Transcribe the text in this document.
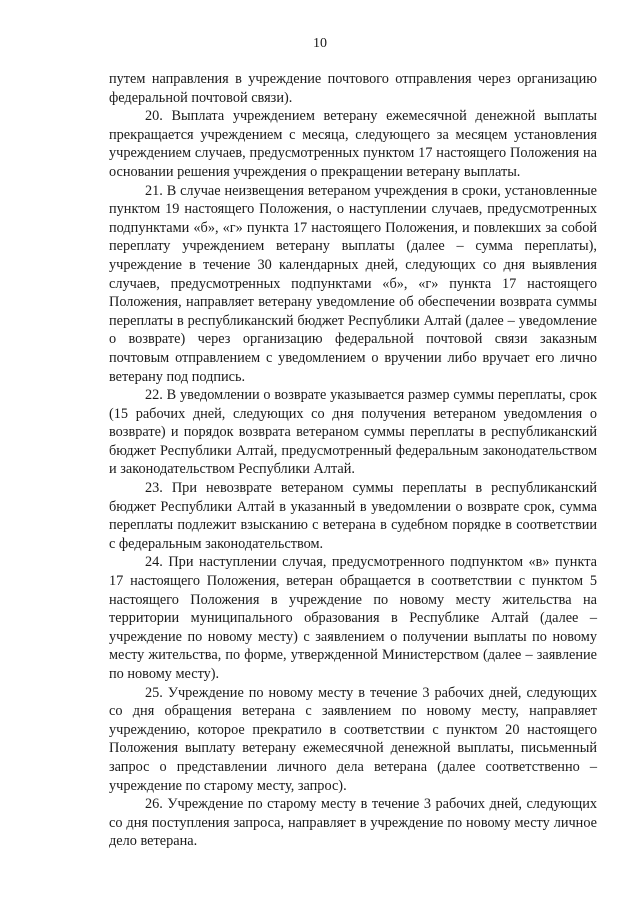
10

путем направления в учреждение почтового отправления через организацию федеральной почтовой связи).

20. Выплата учреждением ветерану ежемесячной денежной выплаты прекращается учреждением с месяца, следующего за месяцем установления учреждением случаев, предусмотренных пунктом 17 настоящего Положения на основании решения учреждения о прекращении ветерану выплаты.

21. В случае неизвещения ветераном учреждения в сроки, установленные пунктом 19 настоящего Положения, о наступлении случаев, предусмотренных подпунктами «б», «г» пункта 17 настоящего Положения, и повлекших за собой переплату учреждением ветерану выплаты (далее – сумма переплаты), учреждение в течение 30 календарных дней, следующих со дня выявления случаев, предусмотренных подпунктами «б», «г» пункта 17 настоящего Положения, направляет ветерану уведомление об обеспечении возврата суммы переплаты в республиканский бюджет Республики Алтай (далее – уведомление о возврате) через организацию федеральной почтовой связи заказным почтовым отправлением с уведомлением о вручении либо вручает его лично ветерану под подпись.

22. В уведомлении о возврате указывается размер суммы переплаты, срок (15 рабочих дней, следующих со дня получения ветераном уведомления о возврате) и порядок возврата ветераном суммы переплаты в республиканский бюджет Республики Алтай, предусмотренный федеральным законодательством и законодательством Республики Алтай.

23. При невозврате ветераном суммы переплаты в республиканский бюджет Республики Алтай в указанный в уведомлении о возврате срок, сумма переплаты подлежит взысканию с ветерана в судебном порядке в соответствии с федеральным законодательством.

24. При наступлении случая, предусмотренного подпунктом «в» пункта 17 настоящего Положения, ветеран обращается в соответствии с пунктом 5 настоящего Положения в учреждение по новому месту жительства на территории муниципального образования в Республике Алтай (далее – учреждение по новому месту) с заявлением о получении выплаты по новому месту жительства, по форме, утвержденной Министерством (далее – заявление по новому месту).

25. Учреждение по новому месту в течение 3 рабочих дней, следующих со дня обращения ветерана с заявлением по новому месту, направляет учреждению, которое прекратило в соответствии с пунктом 20 настоящего Положения выплату ветерану ежемесячной денежной выплаты, письменный запрос о представлении личного дела ветерана (далее соответственно – учреждение по старому месту, запрос).

26. Учреждение по старому месту в течение 3 рабочих дней, следующих со дня поступления запроса, направляет в учреждение по новому месту личное дело ветерана.
